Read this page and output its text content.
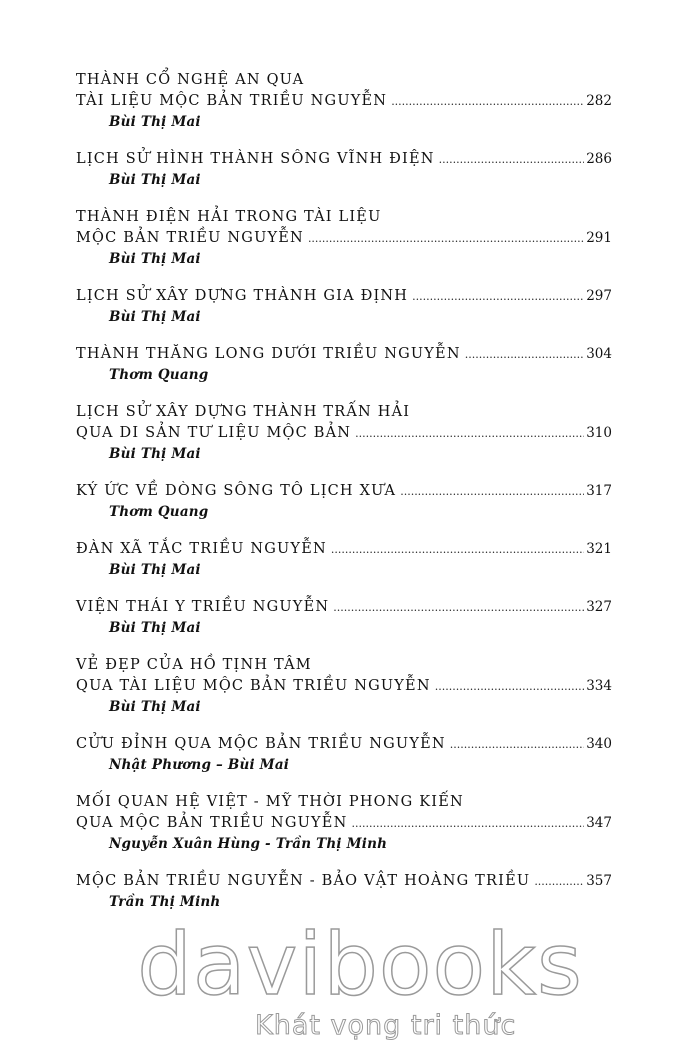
THÀNH CỔ NGHỆ AN QUA
TÀI LIỆU MỘC BẢN TRIỀU NGUYỄN .....	282
Bùi Thị Mai
LỊCH SỬ HÌNH THÀNH SÔNG VĨNH ĐIỆN .....	286
Bùi Thị Mai
THÀNH ĐIỆN HẢI TRONG TÀI LIỆU
MỘC BẢN TRIỀU NGUYỄN .....	291
Bùi Thị Mai
LỊCH SỬ XÂY DỰNG THÀNH GIA ĐỊNH .....	297
Bùi Thị Mai
THÀNH THĂNG LONG DƯỚI TRIỀU NGUYỄN .....	304
Thơm Quang
LỊCH SỬ XÂY DỰNG THÀNH TRẤN HẢI
QUA DI SẢN TƯ LIỆU MỘC BẢN .....	310
Bùi Thị Mai
KÝ ỨC VỀ DÒNG SÔNG TÔ LỊCH XƯA .....	317
Thơm Quang
ĐÀN XÃ TẮC TRIỀU NGUYỄN .....	321
Bùi Thị Mai
VIỆN THÁI Y TRIỀU NGUYỄN .....	327
Bùi Thị Mai
VẺ ĐẸP CỦA HỒ TỊNH TÂM
QUA TÀI LIỆU MỘC BẢN TRIỀU NGUYỄN .....	334
Bùi Thị Mai
CỬU ĐỈNH QUA MỘC BẢN TRIỀU NGUYỄN .....	340
Nhật Phương – Bùi Mai
MỐI QUAN HỆ VIỆT - MỸ THỜI PHONG KIẾN
QUA MỘC BẢN TRIỀU NGUYỄN .....	347
Nguyễn Xuân Hùng - Trần Thị Minh
MỘC BẢN TRIỀU NGUYỄN - BẢO VẬT HOÀNG TRIỀU .....	357
Trần Thị Minh
davibooks
Khát vọng tri thức
